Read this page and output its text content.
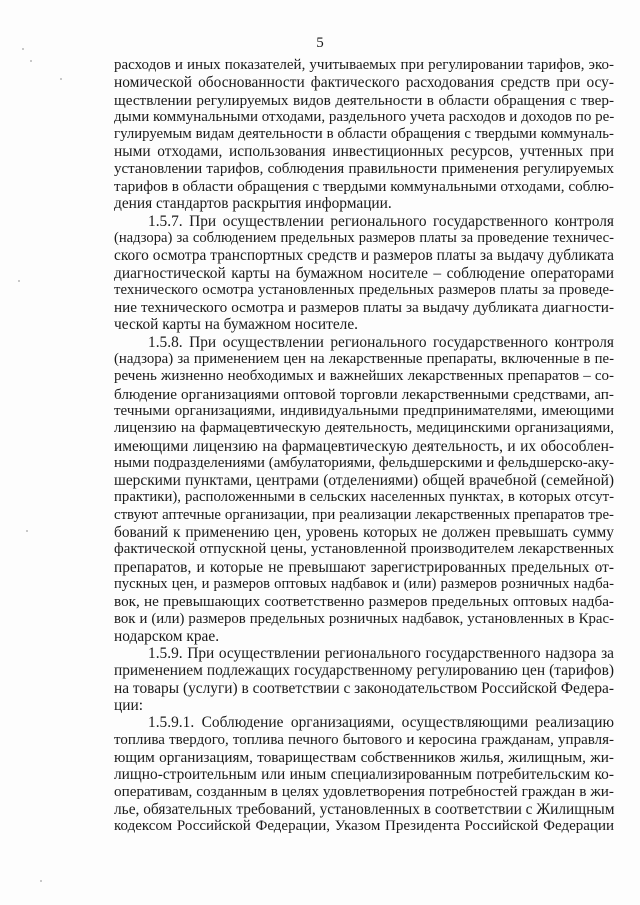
5
расходов и иных показателей, учитываемых при регулировании тарифов, эко-
номической обоснованности фактического расходования средств при осу-
ществлении регулируемых видов деятельности в области обращения с твер-
дыми коммунальными отходами, раздельного учета расходов и доходов по ре-
гулируемым видам деятельности в области обращения с твердыми коммуналь-
ными отходами, использования инвестиционных ресурсов, учтенных при
установлении тарифов, соблюдения правильности применения регулируемых
тарифов в области обращения с твердыми коммунальными отходами, соблю-
дения стандартов раскрытия информации.
1.5.7. При осуществлении регионального государственного контроля
(надзора) за соблюдением предельных размеров платы за проведение техничес-
ского осмотра транспортных средств и размеров платы за выдачу дубликата
диагностической карты на бумажном носителе – соблюдение операторами
технического осмотра установленных предельных размеров платы за проведе-
ние технического осмотра и размеров платы за выдачу дубликата диагности-
ческой карты на бумажном носителе.
1.5.8. При осуществлении регионального государственного контроля
(надзора) за применением цен на лекарственные препараты, включенные в пе-
речень жизненно необходимых и важнейших лекарственных препаратов – со-
блюдение организациями оптовой торговли лекарственными средствами, ап-
течными организациями, индивидуальными предпринимателями, имеющими
лицензию на фармацевтическую деятельность, медицинскими организациями,
имеющими лицензию на фармацевтическую деятельность, и их обособлен-
ными подразделениями (амбулаториями, фельдшерскими и фельдшерско-аку-
шерскими пунктами, центрами (отделениями) общей врачебной (семейной)
практики), расположенными в сельских населенных пунктах, в которых отсут-
ствуют аптечные организации, при реализации лекарственных препаратов тре-
бований к применению цен, уровень которых не должен превышать сумму
фактической отпускной цены, установленной производителем лекарственных
препаратов, и которые не превышают зарегистрированных предельных от-
пускных цен, и размеров оптовых надбавок и (или) размеров розничных надба-
вок, не превышающих соответственно размеров предельных оптовых надба-
вок и (или) размеров предельных розничных надбавок, установленных в Крас-
нодарском крае.
1.5.9. При осуществлении регионального государственного надзора за
применением подлежащих государственному регулированию цен (тарифов)
на товары (услуги) в соответствии с законодательством Российской Федера-
ции:
1.5.9.1. Соблюдение организациями, осуществляющими реализацию
топлива твердого, топлива печного бытового и керосина гражданам, управля-
ющим организациям, товариществам собственников жилья, жилищным, жи-
лищно-строительным или иным специализированным потребительским ко-
оперативам, созданным в целях удовлетворения потребностей граждан в жи-
лье, обязательных требований, установленных в соответствии с Жилищным
кодексом Российской Федерации, Указом Президента Российской Федерации
